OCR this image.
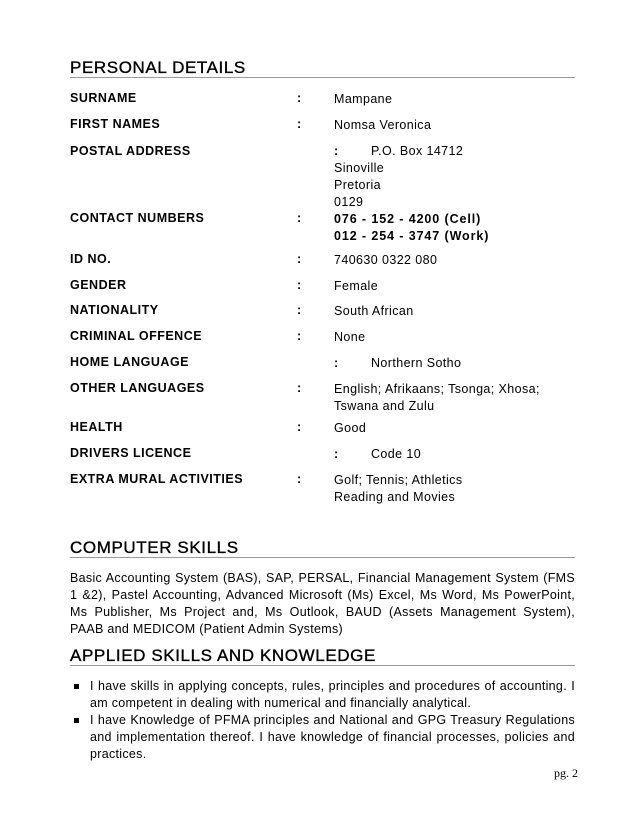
PERSONAL DETAILS
SURNAME	:	Mampane
FIRST NAMES	:	Nomsa Veronica
POSTAL ADDRESS	:	P.O. Box 14712
Sinoville
Pretoria
0129
CONTACT NUMBERS	:	076 - 152 - 4200 (Cell)
012 - 254 - 3747 (Work)
ID NO.	:	740630 0322 080
GENDER	:	Female
NATIONALITY	:	South African
CRIMINAL OFFENCE	:	None
HOME LANGUAGE	:	Northern Sotho
OTHER LANGUAGES	:	English; Afrikaans; Tsonga; Xhosa;
Tswana and Zulu
HEALTH	:	Good
DRIVERS LICENCE	:	Code 10
EXTRA MURAL ACTIVITIES	:	Golf; Tennis; Athletics
Reading and Movies
COMPUTER SKILLS
Basic Accounting System (BAS), SAP, PERSAL, Financial Management System (FMS 1 &2), Pastel Accounting, Advanced Microsoft (Ms) Excel, Ms Word, Ms PowerPoint, Ms Publisher, Ms Project and, Ms Outlook, BAUD (Assets Management System), PAAB and MEDICOM (Patient Admin Systems)
APPLIED SKILLS AND KNOWLEDGE
I have skills in applying concepts, rules, principles and procedures of accounting. I am competent in dealing with numerical and financially analytical.
I have Knowledge of PFMA principles and National and GPG Treasury Regulations and implementation thereof. I have knowledge of financial processes, policies and practices.
pg. 2
